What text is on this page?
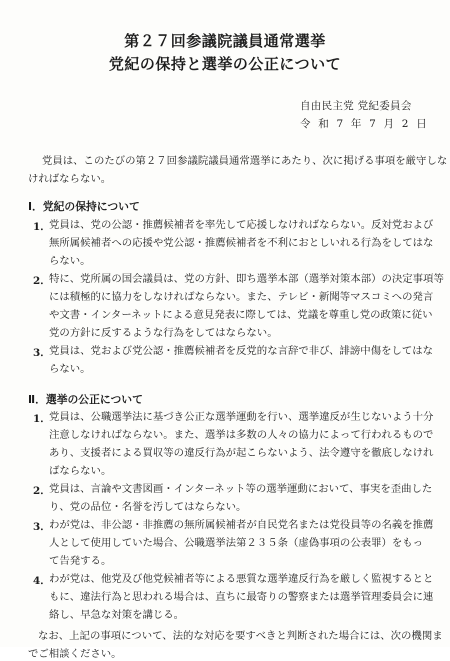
第２７回参議院議員通常選挙
党紀の保持と選挙の公正について
自由民主党 党紀委員会
令 和 7 年 7 月 2 日
党員は、このたびの第２７回参議院議員通常選挙にあたり、次に掲げる事項を厳守しな
ければならない。
Ⅰ．党紀の保持について
1．
党員は、党の公認・推薦候補者を率先して応援しなければならない。反対党および
無所属候補者への応援や党公認・推薦候補者を不利におとしいれる行為をしてはな
らない。
2．
特に、党所属の国会議員は、党の方針、即ち選挙本部（選挙対策本部）の決定事項等
には積極的に協力をしなければならない。また、テレビ・新聞等マスコミへの発言
や文書・インターネットによる意見発表に際しては、党議を尊重し党の政策に従い
党の方針に反するような行為をしてはならない。
3．
党員は、党および党公認・推薦候補者を反党的な言辞で非び、誹謗中傷をしてはな
らない。
Ⅱ．選挙の公正について
1．
党員は、公職選挙法に基づき公正な選挙運動を行い、選挙違反が生じないよう十分
注意しなければならない。また、選挙は多数の人々の協力によって行われるもので
あり、支援者による買収等の違反行為が起こらないよう、法令遵守を徹底しなけれ
ばならない。
2．
党員は、言論や文書図画・インターネット等の選挙運動において、事実を歪曲した
り、党の品位・名誉を汚してはならない。
3．
わが党は、非公認・非推薦の無所属候補者が自民党名または党役員等の名義を推薦
人として使用していた場合、公職選挙法第２３５条（虚偽事項の公表罪）をもっ
て告発する。
4．
わが党は、他党及び他党候補者等による悪質な選挙違反行為を厳しく監視するとと
もに、違法行為と思われる場合は、直ちに最寄りの警察または選挙管理委員会に連
絡し、早急な対策を講じる。
なお、上記の事項について、法的な対応を要すべきと判断された場合には、次の機関ま
でご相談ください。
